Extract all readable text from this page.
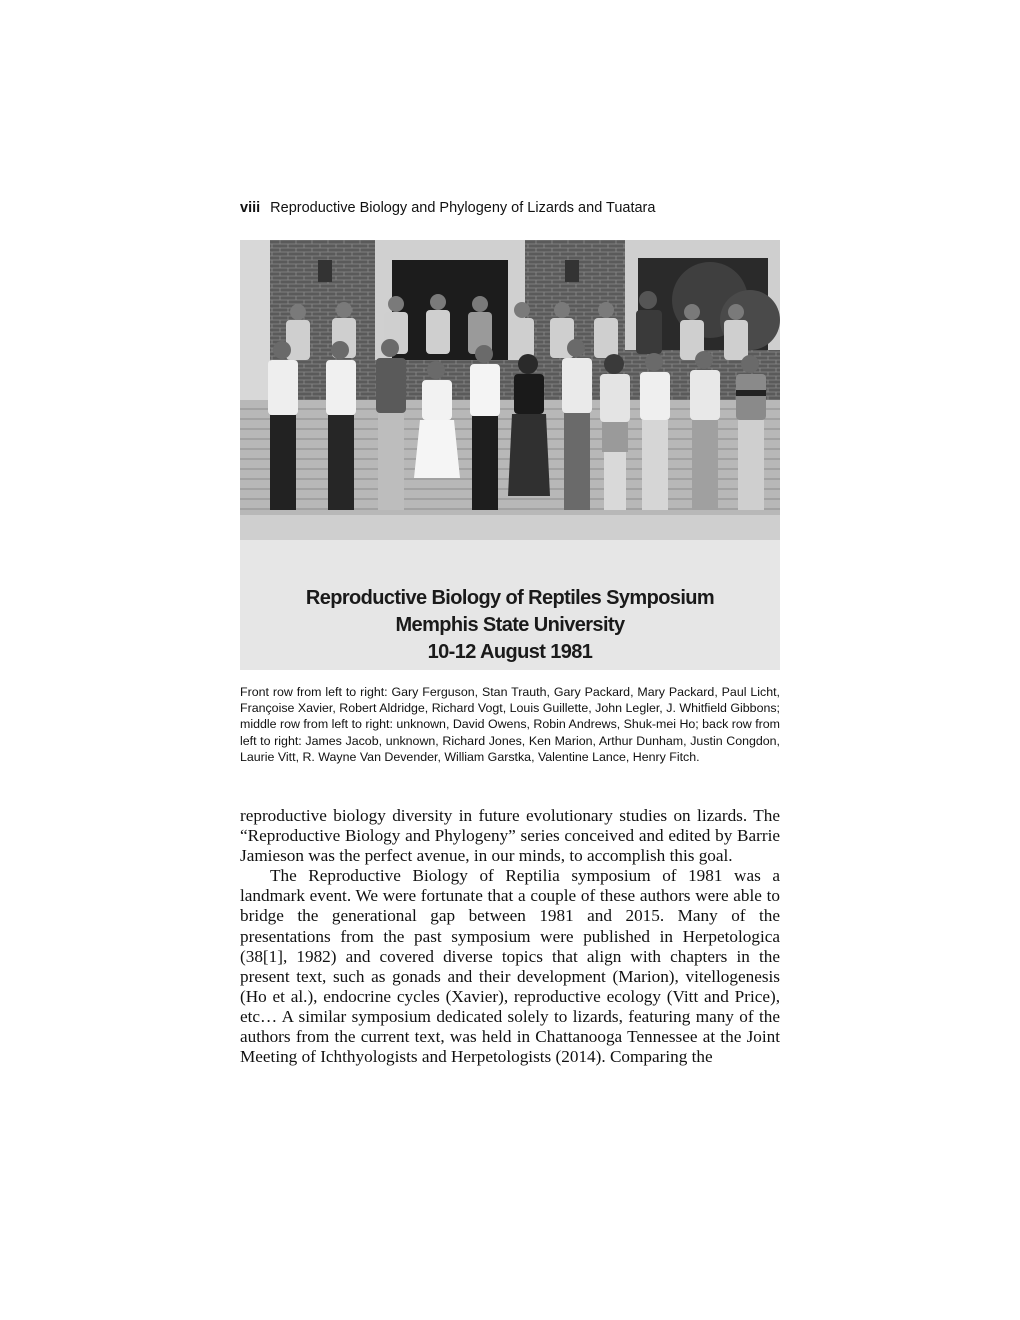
viii Reproductive Biology and Phylogeny of Lizards and Tuatara
Reproductive Biology of Reptiles Symposium
Memphis State University
10-12 August 1981
Front row from left to right: Gary Ferguson, Stan Trauth, Gary Packard, Mary Packard, Paul Licht, Françoise Xavier, Robert Aldridge, Richard Vogt, Louis Guillette, John Legler, J. Whitfield Gibbons; middle row from left to right: unknown, David Owens, Robin Andrews, Shuk-mei Ho; back row from left to right: James Jacob, unknown, Richard Jones, Ken Marion, Arthur Dunham, Justin Congdon, Laurie Vitt, R. Wayne Van Devender, William Garstka, Valentine Lance, Henry Fitch.

reproductive biology diversity in future evolutionary studies on lizards. The “Reproductive Biology and Phylogeny” series conceived and edited by Barrie Jamieson was the perfect avenue, in our minds, to accomplish this goal.

The Reproductive Biology of Reptilia symposium of 1981 was a landmark event. We were fortunate that a couple of these authors were able to bridge the generational gap between 1981 and 2015. Many of the presentations from the past symposium were published in Herpetologica (38[1], 1982) and covered diverse topics that align with chapters in the present text, such as gonads and their development (Marion), vitellogenesis (Ho et al.), endocrine cycles (Xavier), reproductive ecology (Vitt and Price), etc… A similar symposium dedicated solely to lizards, featuring many of the authors from the current text, was held in Chattanooga Tennessee at the Joint Meeting of Ichthyologists and Herpetologists (2014). Comparing the
